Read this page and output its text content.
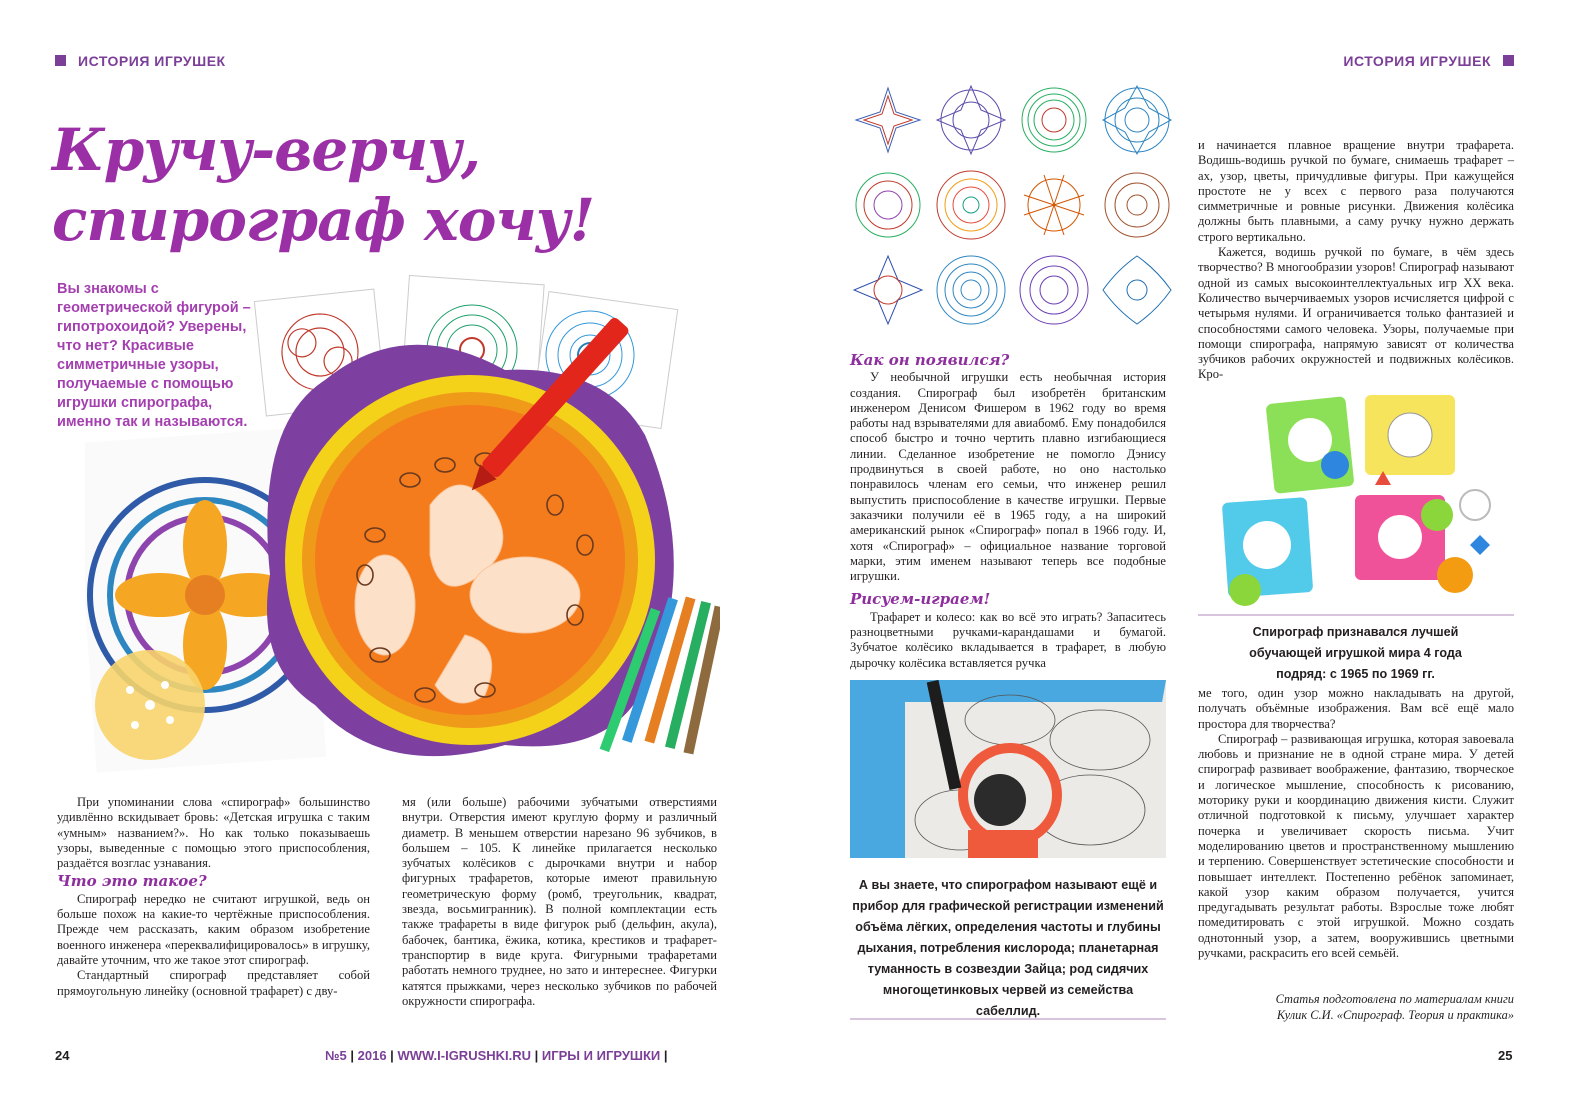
ИСТОРИЯ ИГРУШЕК	ИСТОРИЯ ИГРУШЕК
Кручу-верчу,
спирограф хочу!
Вы знакомы с геометрической фигурой – гипотрохоидой? Уверены, что нет? Красивые симметричные узоры, получаемые с помощью игрушки спирографа, именно так и называются.

При упоминании слова «спирограф» большинство удивлённо вскидывает бровь: «Детская игрушка с таким «умным» названием?». Но как только показываешь узоры, выведенные с помощью этого приспособления, раздаётся возглас узнавания.

Что это такое?

Спирограф нередко не считают игрушкой, ведь он больше похож на какие-то чертёжные приспособления. Прежде чем рассказать, каким образом изобретение военного инженера «переквалифицировалось» в игрушку, давайте уточним, что же такое этот спирограф.

Стандартный спирограф представляет собой прямоугольную линейку (основной трафарет) с дву-

мя (или больше) рабочими зубчатыми отверстиями внутри. Отверстия имеют круглую форму и различный диаметр. В меньшем отверстии нарезано 96 зубчиков, в большем – 105. К линейке прилагается несколько зубчатых колёсиков с дырочками внутри и набор фигурных трафаретов, которые имеют правильную геометрическую форму (ромб, треугольник, квадрат, звезда, восьмигранник). В полной комплектации есть также трафареты в виде фигурок рыб (дельфин, акула), бабочек, бантика, ёжика, котика, крестиков и трафарет-транспортир в виде круга. Фигурными трафаретами работать немного труднее, но зато и интереснее. Фигурки катятся прыжками, через несколько зубчиков по рабочей окружности спирографа.

Как он появился?

У необычной игрушки есть необычная история создания. Спирограф был изобретён британским инженером Денисом Фишером в 1962 году во время работы над взрывателями для авиабомб. Ему понадобился способ быстро и точно чертить плавно изгибающиеся линии. Сделанное изобретение не помогло Дэнису продвинуться в своей работе, но оно настолько понравилось членам его семьи, что инженер решил выпустить приспособление в качестве игрушки. Первые заказчики получили её в 1965 году, а на широкий американский рынок «Спирограф» попал в 1966 году. И, хотя «Спирограф» – официальное название торговой марки, этим именем называют теперь все подобные игрушки.

Рисуем-играем!

Трафарет и колесо: как во всё это играть? Запаситесь разноцветными ручками-карандашами и бумагой. Зубчатое колёсико вкладывается в трафарет, в любую дырочку колёсика вставляется ручка

А вы знаете, что спирографом называют ещё и прибор для графической регистрации изменений объёма лёгких, определения частоты и глубины дыхания, потребления кислорода; планетарная туманность в созвездии Зайца; род сидячих многощетинковых червей из семейства сабеллид.

и начинается плавное вращение внутри трафарета. Водишь-водишь ручкой по бумаге, снимаешь трафарет – ах, узор, цветы, причудливые фигуры. При кажущейся простоте не у всех с первого раза получаются симметричные и ровные рисунки. Движения колёсика должны быть плавными, а саму ручку нужно держать строго вертикально.

Кажется, водишь ручкой по бумаге, в чём здесь творчество? В многообразии узоров! Спирограф называют одной из самых высокоинтеллектуальных игр XX века. Количество вычерчиваемых узоров исчисляется цифрой с четырьмя нулями. И ограничивается только фантазией и способностями самого человека. Узоры, получаемые при помощи спирографа, напрямую зависят от количества зубчиков рабочих окружностей и подвижных колёсиков. Кро-

Спирограф признавался лучшей обучающей игрушкой мира 4 года подряд: с 1965 по 1969 гг.

ме того, один узор можно накладывать на другой, получать объёмные изображения. Вам всё ещё мало простора для творчества?

Спирограф – развивающая игрушка, которая завоевала любовь и признание не в одной стране мира. У детей спирограф развивает воображение, фантазию, творческое и логическое мышление, способность к рисованию, моторику руки и координацию движения кисти. Служит отличной подготовкой к письму, улучшает характер почерка и увеличивает скорость письма. Учит моделированию цветов и пространственному мышлению и терпению. Совершенствует эстетические способности и повышает интеллект. Постепенно ребёнок запоминает, какой узор каким образом получается, учится предугадывать результат работы. Взрослые тоже любят помедитировать с этой игрушкой. Можно создать однотонный узор, а затем, вооружившись цветными ручками, раскрасить его всей семьёй.

Статья подготовлена по материалам книги
Кулик С.И. «Спирограф. Теория и практика»
24	№5 | 2016 | WWW.I-IGRUSHKI.RU | ИГРЫ И ИГРУШКИ |	25
